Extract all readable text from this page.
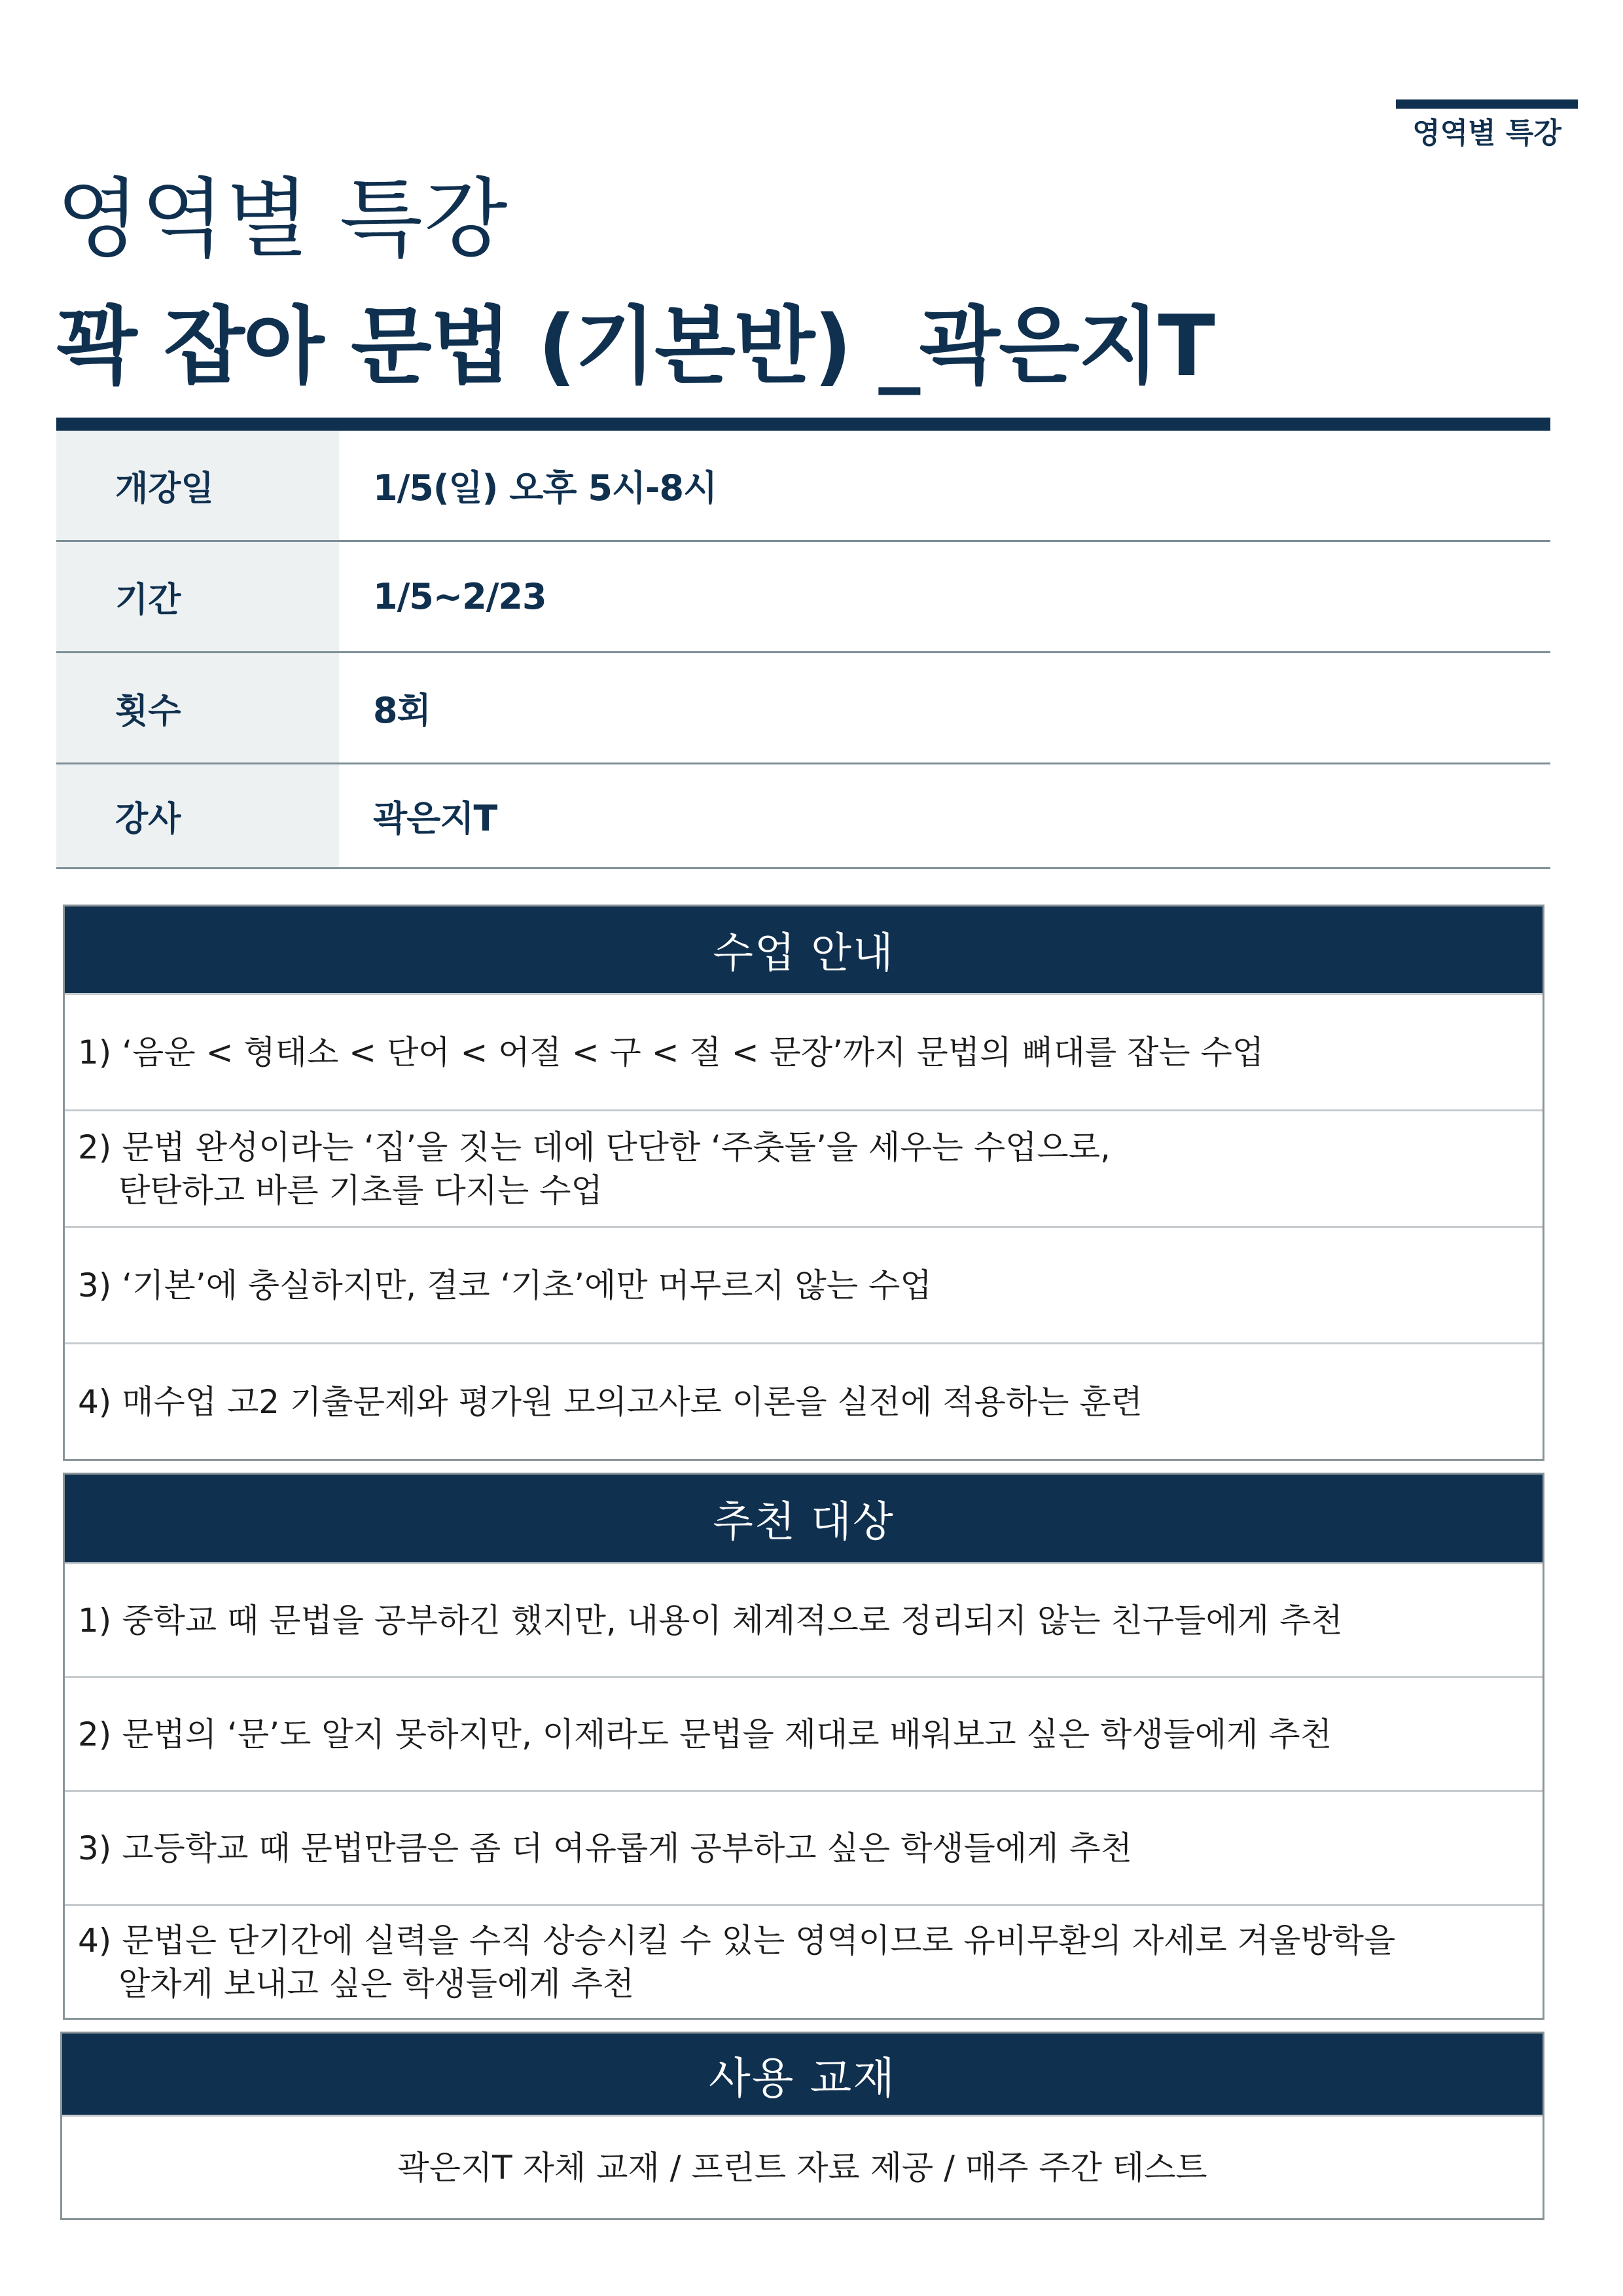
영역별 특강
영역별 특강
꽉 잡아 문법 (기본반) _곽은지T
개강일	1/5(일) 오후 5시-8시
기간	1/5~2/23
횟수	8회
강사	곽은지T
수업 안내
1) ‘음운 < 형태소 < 단어 < 어절 < 구 < 절 < 문장’까지 문법의 뼈대를 잡는 수업
2) 문법 완성이라는 ‘집’을 짓는 데에 단단한 ‘주춧돌’을 세우는 수업으로,
탄탄하고 바른 기초를 다지는 수업
3) ‘기본’에 충실하지만, 결코 ‘기초’에만 머무르지 않는 수업
4) 매수업 고2 기출문제와 평가원 모의고사로 이론을 실전에 적용하는 훈련
추천 대상
1) 중학교 때 문법을 공부하긴 했지만, 내용이 체계적으로 정리되지 않는 친구들에게 추천
2) 문법의 ‘문’도 알지 못하지만, 이제라도 문법을 제대로 배워보고 싶은 학생들에게 추천
3) 고등학교 때 문법만큼은 좀 더 여유롭게 공부하고 싶은 학생들에게 추천
4) 문법은 단기간에 실력을 수직 상승시킬 수 있는 영역이므로 유비무환의 자세로 겨울방학을
알차게 보내고 싶은 학생들에게 추천
사용 교재
곽은지T 자체 교재 / 프린트 자료 제공 / 매주 주간 테스트
